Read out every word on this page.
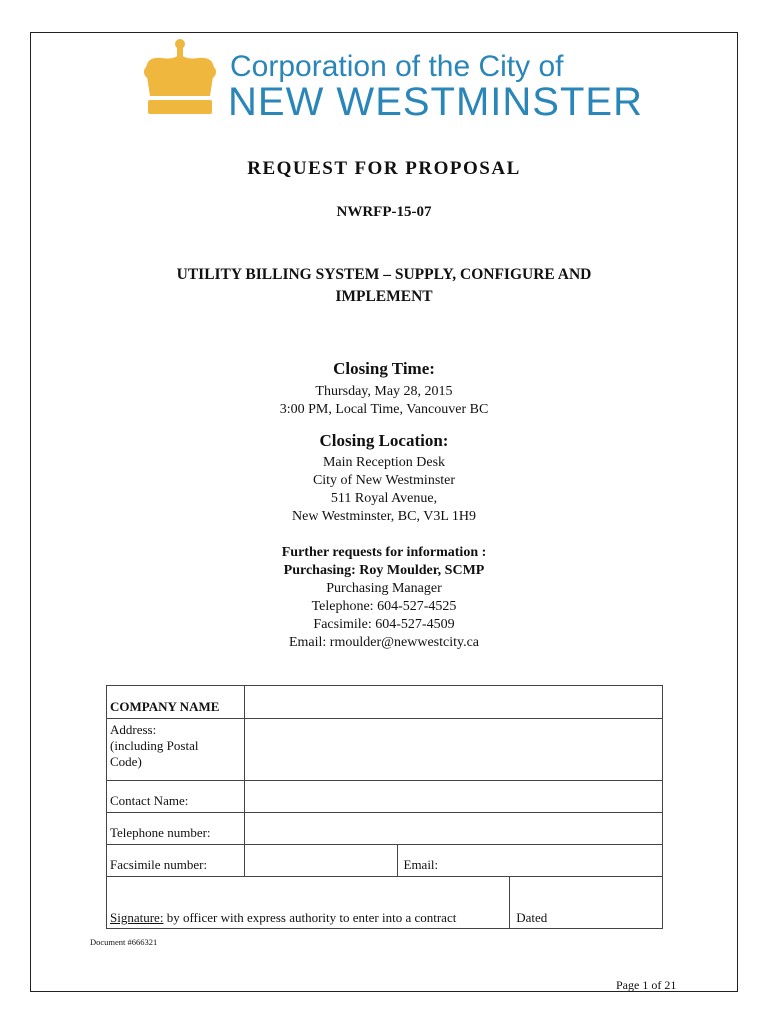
Corporation of the City of
NEW WESTMINSTER
REQUEST FOR PROPOSAL
NWRFP-15-07
UTILITY BILLING SYSTEM – SUPPLY, CONFIGURE AND
IMPLEMENT
Closing Time:
Thursday, May 28, 2015
3:00 PM, Local Time, Vancouver BC
Closing Location:
Main Reception Desk
City of New Westminster
511 Royal Avenue,
New Westminster, BC, V3L 1H9
Further requests for information :
Purchasing: Roy Moulder, SCMP
Purchasing Manager
Telephone: 604-527-4525
Facsimile: 604-527-4509
Email: rmoulder@newwestcity.ca
COMPANY NAME			

Address:
(including Postal
Code)			

Contact Name:			
Telephone number:			
Facsimile number:		Email:	
Signature: by officer with express authority to enter into a contract			Dated
Document #666321
Page 1 of 21
